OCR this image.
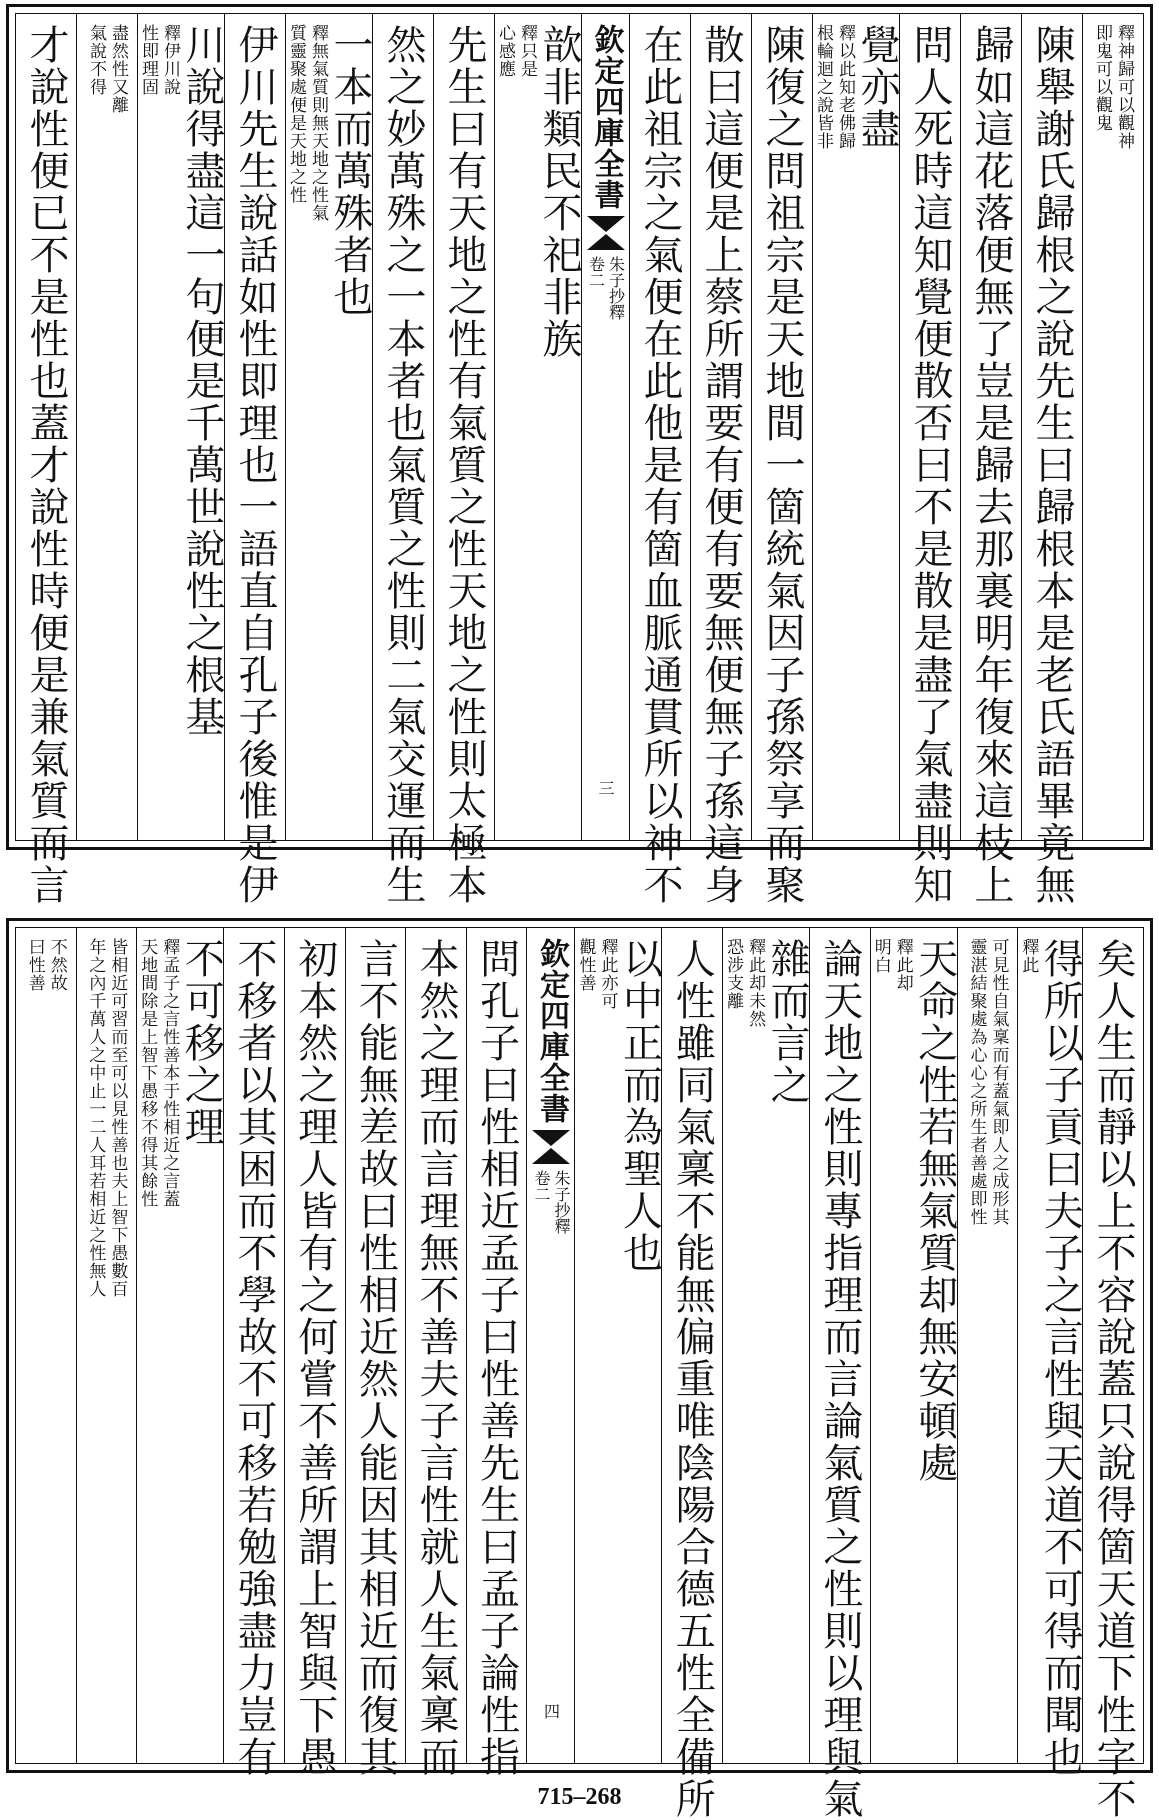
釋神歸可以觀神
即鬼可以觀鬼
陳舉謝氏歸根之說先生曰歸根本是老氏語畢竟無
歸如這花落便無了豈是歸去那裏明年復來這枝上
問人死時這知覺便散否曰不是散是盡了氣盡則知
覺亦盡
釋以此知老佛歸
根輪迴之說皆非
陳復之問祖宗是天地間一箇統氣因子孫祭享而聚
散曰這便是上蔡所謂要有便有要無便無子孫這身
在此祖宗之氣便在此他是有箇血脈通貫所以神不
欽定四庫全書
朱子抄釋
卷二
三
歆非類民不祀非族
釋只是
心感應
先生曰有天地之性有氣質之性天地之性則太極本
然之妙萬殊之一本者也氣質之性則二氣交運而生
一本而萬殊者也
釋無氣質則無天地之性氣
質靈聚處便是天地之性
伊川先生說話如性即理也一語直自孔子後惟是伊
川說得盡這一句便是千萬世說性之根基
釋伊川說
性即理固
盡然性又離
氣說不得
才說性便已不是性也蓋才說性時便是兼氣質而言
矣人生而靜以上不容說蓋只說得箇天道下性字不
得所以子貢曰夫子之言性與天道不可得而聞也
釋此
可見性自氣稟而有蓋氣即人之成形其
靈湛結聚處為心心之所生者善處即性
天命之性若無氣質却無安頓處
釋此却
明白
論天地之性則專指理而言論氣質之性則以理與氣
雜而言之
釋此却未然
恐涉支離
人性雖同氣稟不能無偏重唯陰陽合德五性全備所
以中正而為聖人也
釋此亦可
觀性善
欽定四庫全書
朱子抄釋
卷二
四
問孔子曰性相近孟子曰性善先生曰孟子論性指
本然之理而言理無不善夫子言性就人生氣稟而
言不能無差故曰性相近然人能因其相近而復其
初本然之理人皆有之何嘗不善所謂上智與下愚
不移者以其困而不學故不可移若勉強盡力豈有
不可移之理
釋孟子之言性善本于性相近之言蓋
天地間除是上智下愚移不得其餘性
皆相近可習而至可以見性善也夫上智下愚數百
年之內千萬人之中止一二人耳若相近之性無人
不然故
曰性善
715–268
